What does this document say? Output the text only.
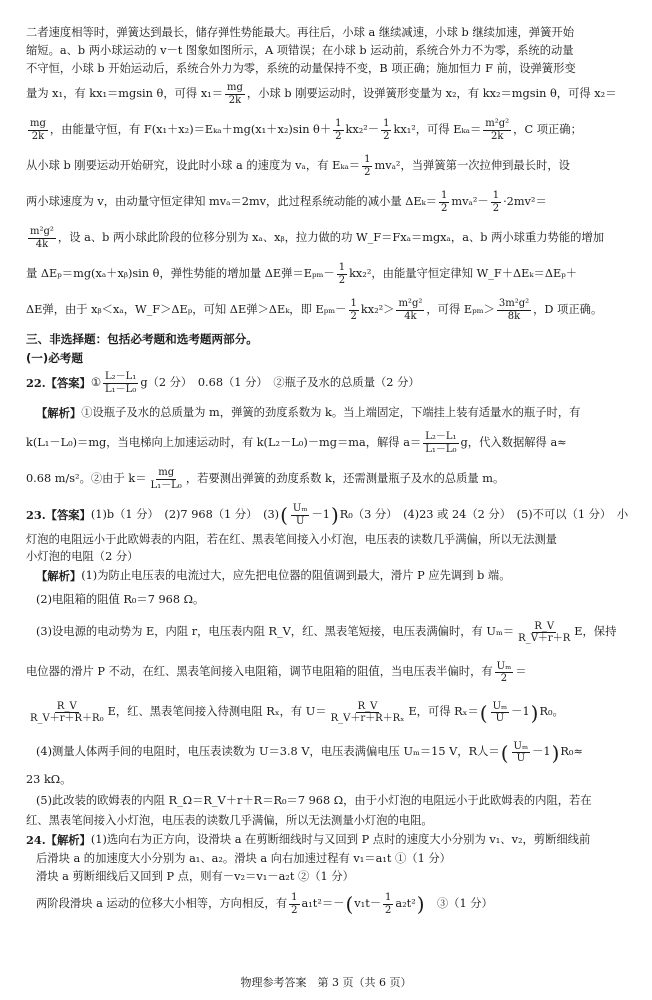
二者速度相等时，弹簧达到最长，储存弹性势能最大。再往后，小球 a 继续减速，小球 b 继续加速，弹簧开始
缩短。a、b 两小球运动的 v－t 图象如图所示，A 项错误；在小球 b 运动前，系统合外力不为零，系统的动量
不守恒，小球 b 开始运动后，系统合外力为零，系统的动量保持不变，B 项正确；施加恒力 F 前，设弹簧形变
量为 x₁，有 kx₁＝mgsin θ，可得 $x_1= \frac{mg}{2k}$ ，小球 b 刚要运动时，设弹簧形变量为 x₂，有 kx₂＝mgsin θ，可得 x₂＝
$\frac{mg}{2k}$ ，由能量守恒，有 F(x₁＋x₂)＝Eₖₐ＋mg(x₁＋x₂)sin $\theta+ \frac{1}{2} kx_2^2- \frac{1}{2} kx_1^2$，可得 $E_{ka}= \frac{\text{m²g²}}{2k}$ ，C 项正确；
从小球 b 刚要运动开始研究，设此时小球 a 的速度为 vₐ，有 $E_{ka}= \frac{1}{2} mv_a^2$，当弹簧第一次拉伸到最长时，设
两小球速度为 v，由动量守恒定律知 mvₐ＝2mv，此过程系统动能的减小量 $\Delta E_k= \frac{1}{2} mv_a^2- \frac{1}{2} \cdot 2mv^2=$
$\frac{\text{m²g²}}{4k}$ ，设 a、b 两小球此阶段的位移分别为 xₐ、xᵦ，拉力做的功 W_F＝Fxₐ＝mgxₐ，a、b 两小球重力势能的增加
量 ΔEₚ＝mg(xₐ＋xᵦ)sin θ，弹性势能的增加量 ΔE弹$=E_{pm}- \frac{1}{2} kx_2^2$，由能量守恒定律知 W_F＋ΔEₖ＝ΔEₚ＋
ΔE弹，由于 xᵦ＜xₐ，W_F＞ΔEₚ，可知 ΔE弹＞ΔEₖ，即 $E_{pm}- \frac{1}{2} kx_2^2> \frac{\text{m²g²}}{4k}$ ，可得 $E_{pm}> \frac{\text{3m²g²}}{8k}$ ，D 项正确。
三、非选择题：包括必考题和选考题两部分。
(一)必考题
22. 【答案】 ① $\frac{\text{L₂－L₁}}{\text{L₁－L₀}} g(2$ 分）　0.68（1 分）　②瓶子及水的总质量（2 分）
【解析】 ①设瓶子及水的总质量为 m，弹簧的劲度系数为 k。当上端固定，下端挂上装有适量水的瓶子时，有
k(L₁－L₀)＝mg，当电梯向上加速运动时，有 k(L₂－L₀)－mg＝ma，解得 $a= \frac{\text{L₂－L₁}}{\text{L₁－L₀}}$ g，代入数据解得 a≈
0.68 m/s²。②由于 $k= \frac{mg}{\text{L₁－L₀}}$ ，若要测出弹簧的劲度系数 k，还需测量瓶子及水的总质量 m。
23. 【答案】 (1)b（1 分）　(2)7 968（1 分）　(3) ( $\frac{\text{Uₘ}}{U} -1$ ) R₀（3 分）　(4)23 或 24（2 分）　(5)不可以（1 分）　小
灯泡的电阻远小于此欧姆表的内阻，若在红、黑表笔间接入小灯泡，电压表的读数几乎满偏，所以无法测量
小灯泡的电阻（2 分）
【解析】 (1)为防止电压表的电流过大，应先把电位器的阻值调到最大，滑片 P 应先调到 b 端。
(2)电阻箱的阻值 R₀＝7 968 Ω。
(3)设电源的电动势为 E，内阻 r，电压表内阻 R_V，红、黑表笔短接，电压表满偏时，有 $U_m= \frac{R\_V}{R\_V+r+R}$ E，保持
电位器的滑片 P 不动，在红、黑表笔间接入电阻箱，调节电阻箱的阻值，当电压表半偏时，有 $\frac{\text{Uₘ}}{2}$ ＝
$\frac{R\_V}{\text{R\_V＋r＋R＋R₀}}$ E，红、黑表笔间接入待测电阻 Rₓ，有 $U= \frac{R\_V}{\text{R\_V＋r＋R＋Rₓ}}$ E，可得 Rₓ＝ ( $\frac{\text{Uₘ}}{U} -1$ ) R₀。
(4)测量人体两手间的电阻时，电压表读数为 U＝3.8 V，电压表满偏电压 Uₘ＝15 V，R人＝ ( $\frac{\text{Uₘ}}{U} -1$ ) R₀≈
23 kΩ。
(5)此改装的欧姆表的内阻 R_Ω＝R_V＋r＋R＝R₀＝7 968 Ω，由于小灯泡的电阻远小于此欧姆表的内阻，若在
红、黑表笔间接入小灯泡，电压表的读数几乎满偏，所以无法测量小灯泡的电阻。
24. 【解析】 (1)选向右为正方向，设滑块 a 在剪断细线时与又回到 P 点时的速度大小分别为 v₁、v₂，剪断细线前
后滑块 a 的加速度大小分别为 a₁、a₂。滑块 a 向右加速过程有 v₁＝a₁t ①（1 分）
滑块 a 剪断细线后又回到 P 点，则有－v₂＝v₁－a₂t ②（1 分）
两阶段滑块 a 运动的位移大小相等，方向相反，有 $\frac{1}{2} a_1t^2=-$ ( $v_1t- \frac{1}{2} a_2t^2$ ) 　③（1 分）
物理参考答案　第 3 页（共 6 页）
